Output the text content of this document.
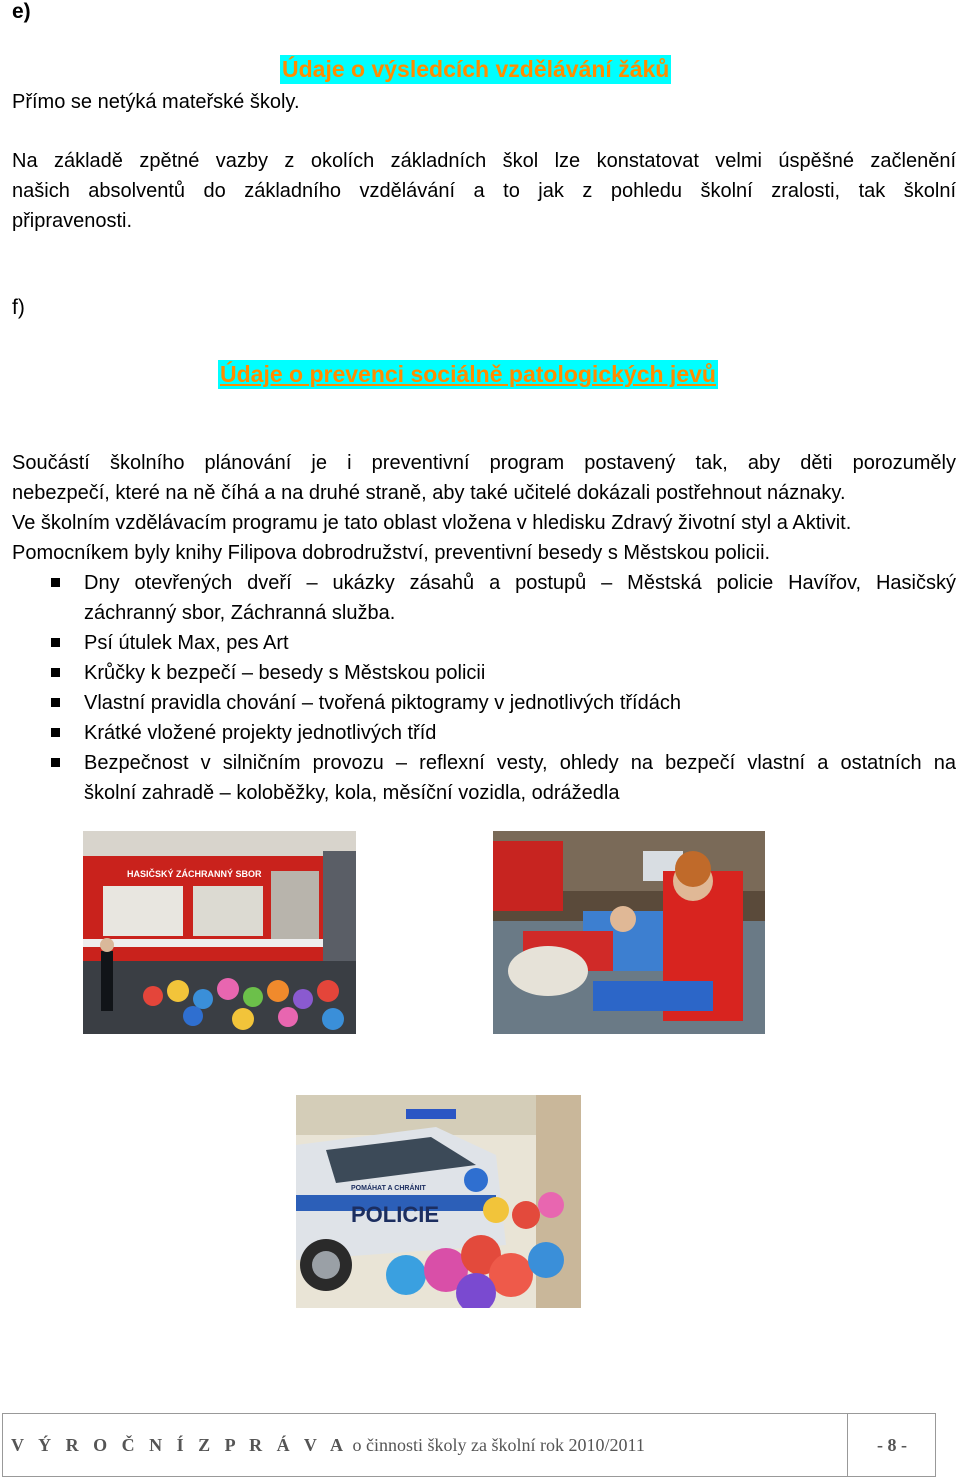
e)
Údaje o výsledcích vzdělávání žáků
Přímo se netýká mateřské školy.
Na základě zpětné vazby z okolích základních škol lze konstatovat velmi úspěšné začlenění
našich absolventů do základního vzdělávání a to jak z pohledu školní zralosti, tak školní
připravenosti.
f)
Údaje o prevenci sociálně patologických jevů
Součástí školního plánování je i preventivní program postavený tak, aby děti porozuměly
nebezpečí, které na ně číhá a na druhé straně, aby také učitelé dokázali postřehnout náznaky.
Ve školním vzdělávacím programu je tato oblast vložena v hledisku Zdravý životní styl a Aktivit.
Pomocníkem byly knihy Filipova dobrodružství, preventivní besedy s Městskou policii.
Dny otevřených dveří – ukázky zásahů a postupů – Městská policie Havířov, Hasičský
záchranný sbor, Záchranná služba.
Psí útulek Max, pes Art
Krůčky k bezpečí – besedy s Městskou policii
Vlastní pravidla chování – tvořená piktogramy v jednotlivých třídách
Krátké vložené projekty jednotlivých tříd
Bezpečnost v silničním provozu – reflexní vesty, ohledy na bezpečí vlastní a ostatních na
školní zahradě – koloběžky, kola, měsíční vozidla, odrážedla
HASIČSKÝ ZÁCHRANNÝ SBOR
POMÁHAT A CHRÁNIT
POLICIE
V Ý R O Č N Í Z P R Á V A o činnosti školy za školní rok 2010/2011	- 8 -
